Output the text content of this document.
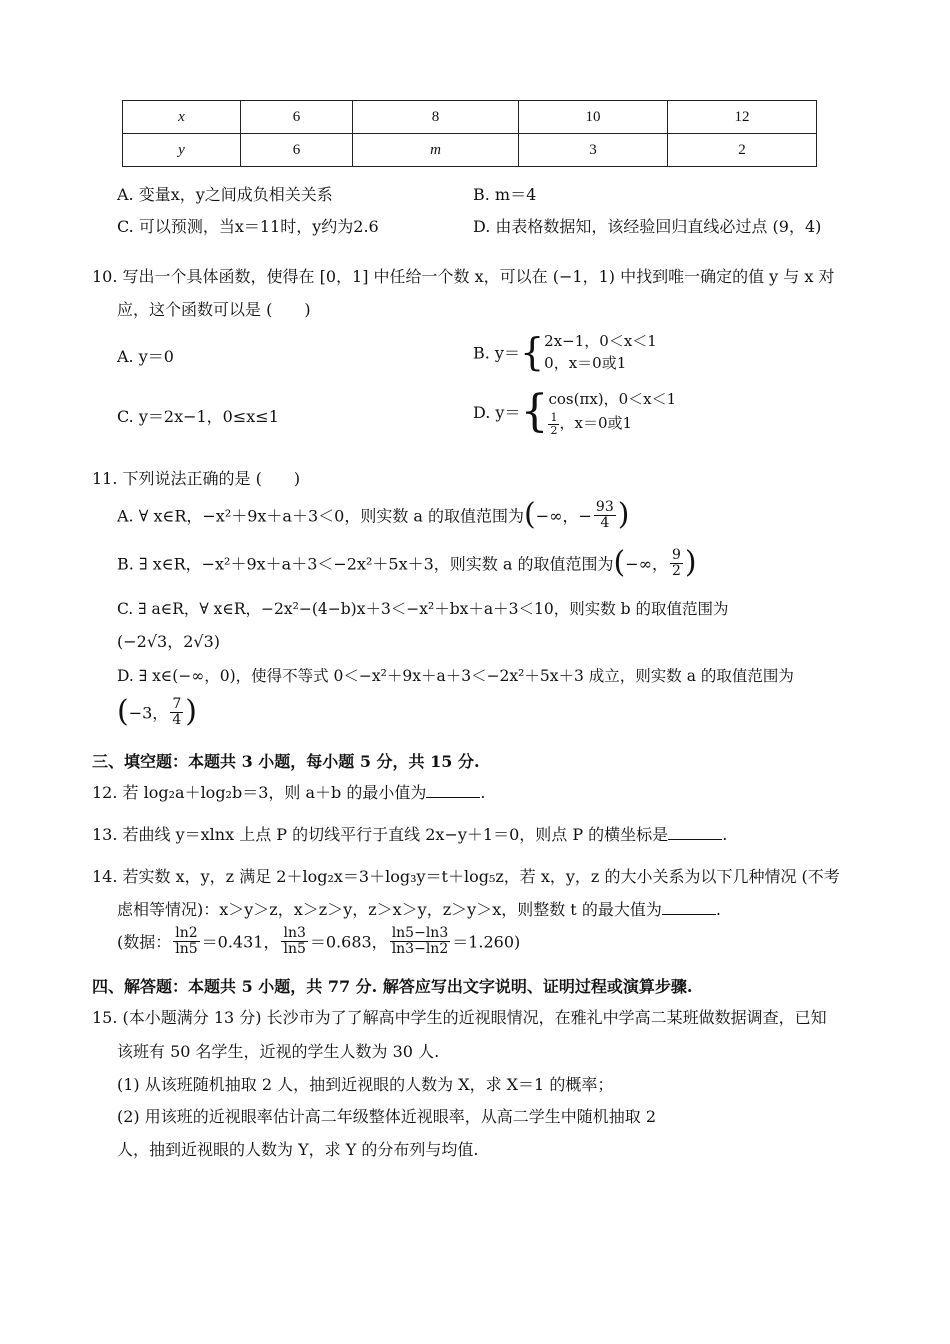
x	6	8	10	12
y	6	m	3	2
A. 变量x，y之间成负相关关系	B. m＝4
C. 可以预测，当x＝11时，y约为2.6	D. 由表格数据知，该经验回归直线必过点 (9，4)
10. 写出一个具体函数，使得在 [0，1] 中任给一个数 x，可以在 (−1，1) 中找到唯一确定的值 y 与 x 对
应，这个函数可以是 (　　)
A. y＝0	B. y＝{2x−1，0＜x＜1
0，x＝0或1
C. y＝2x−1，0≤x≤1	D. y＝{cos(πx)，0＜x＜1

$\frac{1}{2}$ ，x＝0或1
11. 下列说法正确的是 (　　)
A. ∀ x∈R，−x²＋9x＋a＋3＜0，则实数 a 的取值范围为(−∞，− $\frac{93}{4}$ )
B. ∃ x∈R，−x²＋9x＋a＋3＜−2x²＋5x＋3，则实数 a 的取值范围为(−∞， $\frac{9}{2}$ )
C. ∃ a∈R，∀ x∈R，−2x²−(4−b)x＋3＜−x²＋bx＋a＋3＜10，则实数 b 的取值范围为
(−2√3，2√3)
D. ∃ x∈(−∞，0)，使得不等式 0＜−x²＋9x＋a＋3＜−2x²＋5x＋3 成立，则实数 a 的取值范围为
(−3， $\frac{7}{4}$ )
三、填空题：本题共 3 小题，每小题 5 分，共 15 分.
12. 若 log₂a＋log₂b＝3，则 a＋b 的最小值为	.
13. 若曲线 y＝xlnx 上点 P 的切线平行于直线 2x−y＋1＝0，则点 P 的横坐标是	.
14. 若实数 x，y，z 满足 2＋log₂x＝3＋log₃y＝t＋log₅z，若 x，y，z 的大小关系为以下几种情况 (不考
虑相等情况)：x＞y＞z，x＞z＞y，z＞x＞y，z＞y＞x，则整数 t 的最大值为	.
(数据： $\frac{\ln 2}{\ln 5} =0.431$， $\frac{\ln 3}{\ln 5} =0.683$， $\frac{\ln 5-\ln 3}{\ln 3-\ln 2} =1.260$)
四、解答题：本题共 5 小题，共 77 分. 解答应写出文字说明、证明过程或演算步骤.
15. (本小题满分 13 分) 长沙市为了了解高中学生的近视眼情况，在雅礼中学高二某班做数据调查，已知
该班有 50 名学生，近视的学生人数为 30 人.
(1) 从该班随机抽取 2 人，抽到近视眼的人数为 X，求 X＝1 的概率；
(2) 用该班的近视眼率估计高二年级整体近视眼率，从高二学生中随机抽取 2
人，抽到近视眼的人数为 Y，求 Y 的分布列与均值.
